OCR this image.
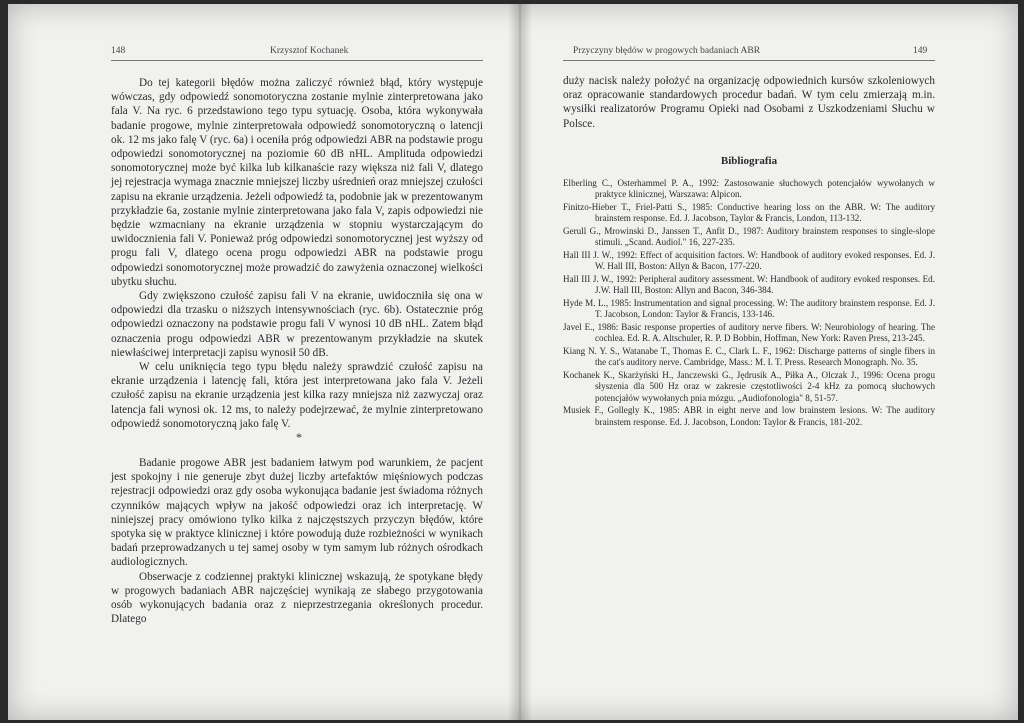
148	Krzysztof Kochanek

Do tej kategorii błędów można zaliczyć również błąd, który występuje wówczas, gdy odpowiedź sonomotoryczna zostanie mylnie zinterpretowana jako fala V. Na ryc. 6 przedstawiono tego typu sytuację. Osoba, która wykonywała badanie progowe, mylnie zinterpretowała odpowiedź sonomotoryczną o latencji ok. 12 ms jako falę V (ryc. 6a) i oceniła próg odpowiedzi ABR na podstawie progu odpowiedzi sonomotorycznej na poziomie 60 dB nHL. Amplituda odpowiedzi sonomotorycznej może być kilka lub kilkanaście razy większa niż fali V, dlatego jej rejestracja wymaga znacznie mniejszej liczby uśrednień oraz mniejszej czułości zapisu na ekranie urządzenia. Jeżeli odpowiedź ta, podobnie jak w prezentowanym przykładzie 6a, zostanie mylnie zinterpretowana jako fala V, zapis odpowiedzi nie będzie wzmacniany na ekranie urządzenia w stopniu wystarczającym do uwidocznienia fali V. Ponieważ próg odpowiedzi sonomotorycznej jest wyższy od progu fali V, dlatego ocena progu odpowiedzi ABR na podstawie progu odpowiedzi sonomotorycznej może prowadzić do zawyżenia oznaczonej wielkości ubytku słuchu.

Gdy zwiększono czułość zapisu fali V na ekranie, uwidoczniła się ona w odpowiedzi dla trzasku o niższych intensywnościach (ryc. 6b). Ostatecznie próg odpowiedzi oznaczony na podstawie progu fali V wynosi 10 dB nHL. Zatem błąd oznaczenia progu odpowiedzi ABR w prezentowanym przykładzie na skutek niewłaściwej interpretacji zapisu wynosił 50 dB.

W celu uniknięcia tego typu błędu należy sprawdzić czułość zapisu na ekranie urządzenia i latencję fali, która jest interpretowana jako fala V. Jeżeli czułość zapisu na ekranie urządzenia jest kilka razy mniejsza niż zazwyczaj oraz latencja fali wynosi ok. 12 ms, to należy podejrzewać, że mylnie zinterpretowano odpowiedź sonomotoryczną jako falę V.

*

Badanie progowe ABR jest badaniem łatwym pod warunkiem, że pacjent jest spokojny i nie generuje zbyt dużej liczby artefaktów mięśniowych podczas rejestracji odpowiedzi oraz gdy osoba wykonująca badanie jest świadoma różnych czynników mających wpływ na jakość odpowiedzi oraz ich interpretację. W niniejszej pracy omówiono tylko kilka z najczęstszych przyczyn błędów, które spotyka się w praktyce klinicznej i które powodują duże rozbieżności w wynikach badań przeprowadzanych u tej samej osoby w tym samym lub różnych ośrodkach audiologicznych.

Obserwacje z codziennej praktyki klinicznej wskazują, że spotykane błędy w progowych badaniach ABR najczęściej wynikają ze słabego przygotowania osób wykonujących badania oraz z nieprzestrzegania określonych procedur. Dlatego

Przyczyny błędów w progowych badaniach ABR	149

duży nacisk należy położyć na organizację odpowiednich kursów szkoleniowych oraz opracowanie standardowych procedur badań. W tym celu zmierzają m.in. wysiłki realizatorów Programu Opieki nad Osobami z Uszkodzeniami Słuchu w Polsce.

Bibliografia

Elberling C., Osterhammel P. A., 1992: Zastosowanie słuchowych potencjałów wywołanych w praktyce klinicznej, Warszawa: Alpicon.

Finitzo-Hieber T., Friel-Patti S., 1985: Conductive hearing loss on the ABR. W: The auditory brainstem response. Ed. J. Jacobson, Taylor & Francis, London, 113-132.

Gerull G., Mrowinski D., Janssen T., Anfit D., 1987: Auditory brainstem responses to single-slope stimuli. „Scand. Audiol." 16, 227-235.

Hall III J. W., 1992: Effect of acquisition factors. W: Handbook of auditory evoked responses. Ed. J. W. Hall III, Boston: Allyn & Bacon, 177-220.

Hall III J. W., 1992: Peripheral auditory assessment. W: Handbook of auditory evoked responses. Ed. J.W. Hall III, Boston: Allyn and Bacon, 346-384.

Hyde M. L., 1985: Instrumentation and signal processing. W: The auditory brainstem response. Ed. J. T. Jacobson, London: Taylor & Francis, 133-146.

Javel E., 1986: Basic response properties of auditory nerve fibers. W: Neurobiology of hearing. The cochlea. Ed. R. A. Altschuler, R. P. D Bobbin, Hoffman, New York: Raven Press, 213-245.

Kiang N. Y. S., Watanabe T., Thomas E. C., Clark L. F., 1962: Discharge patterns of single fibers in the cat's auditory nerve. Cambridge, Mass.: M. I. T. Press. Research Monograph. No. 35.

Kochanek K., Skarżyński H., Janczewski G., Jędrusik A., Piłka A., Olczak J., 1996: Ocena progu słyszenia dla 500 Hz oraz w zakresie częstotliwości 2-4 kHz za pomocą słuchowych potencjałów wywołanych pnia mózgu. „Audiofonologia" 8, 51-57.

Musiek F., Gollegly K., 1985: ABR in eight nerve and low brainstem lesions. W: The auditory brainstem response. Ed. J. Jacobson, London: Taylor & Francis, 181-202.
